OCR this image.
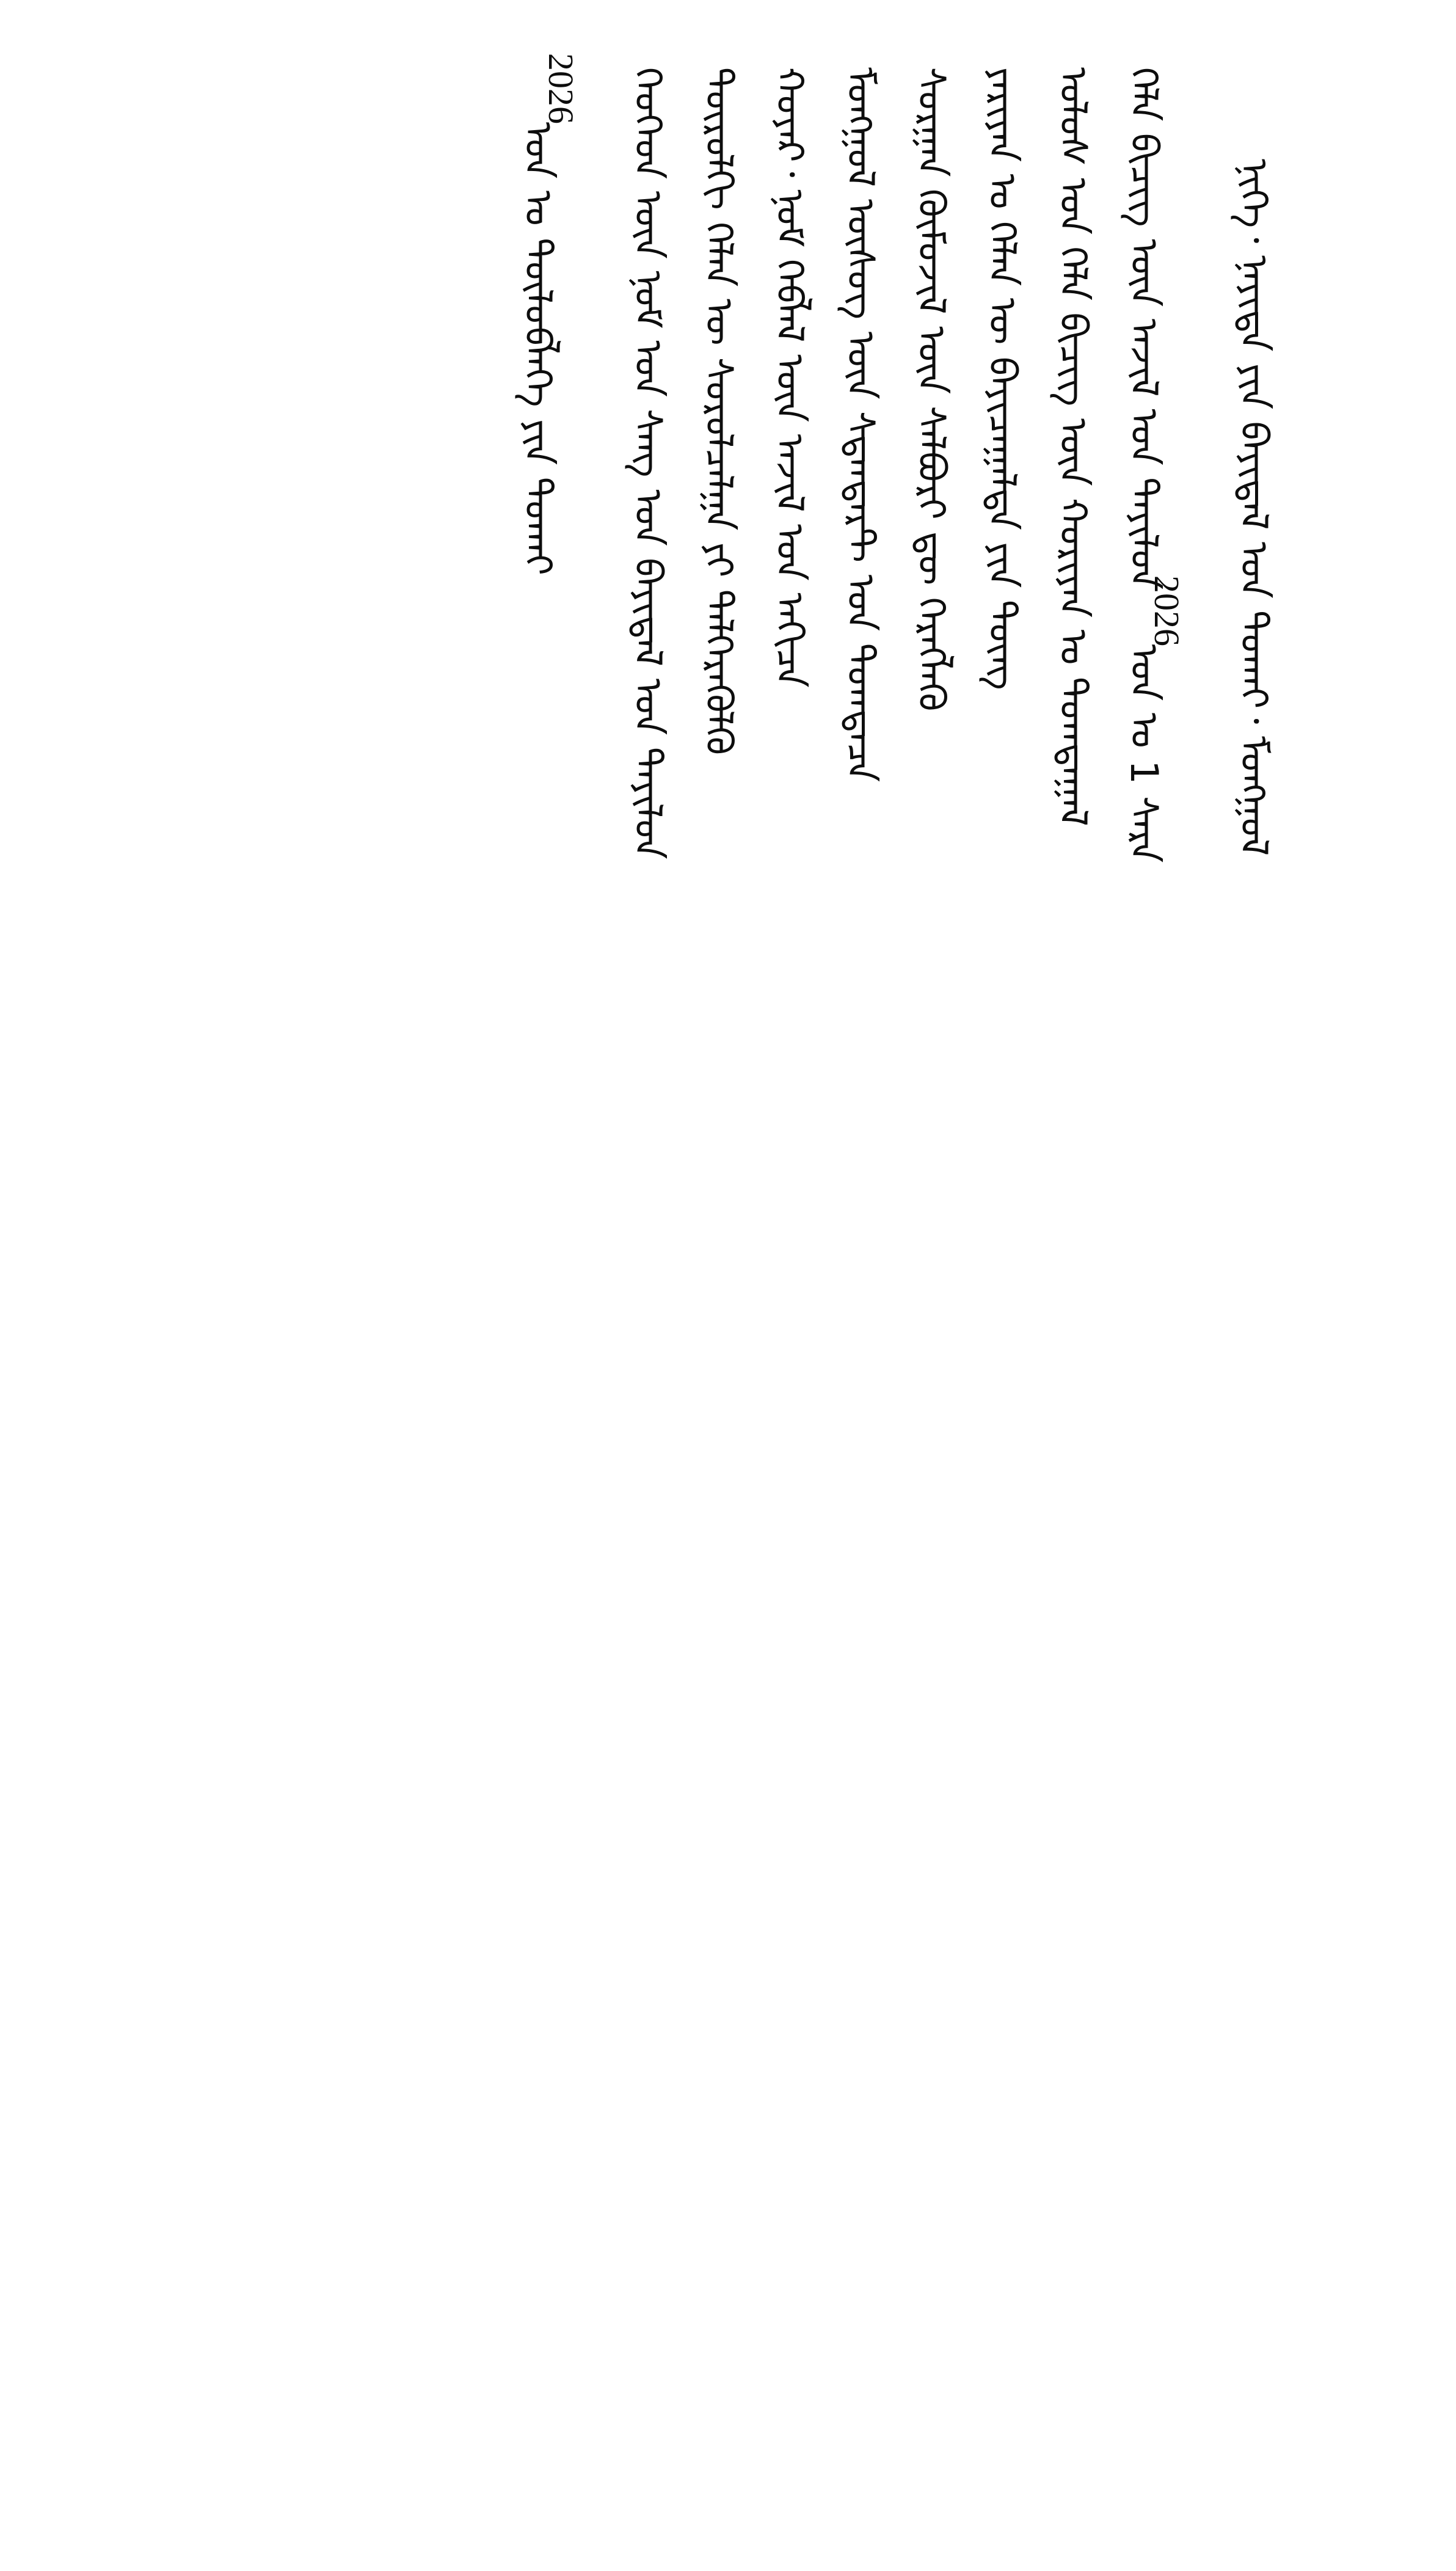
ᠨᠢᠭᠡ᠂ ᠨᠡᠶᠢᠲᠡ ᠶᠢᠨ ᠪᠠᠶᠢᠳᠠᠯ ᠤᠨ ᠲᠤᠬᠠᠢ᠂ ᠮᠣᠩᠭᠣᠯ
ᠬᠡᠯᠡ ᠪᠢᠴᠢᠭ᠌ ᠦᠨ ᠠᠵᠢᠯ ᠤᠨ ᠲᠠᠶᠢᠯᠤᠨ2026 ᠣᠨ ᠤ 1 ᠰᠠᠷᠠ
ᠤᠯᠤᠰ ᠤᠨ ᠬᠡᠯᠡ ᠪᠢᠴᠢᠭ᠌ ᠦᠨ ᠬᠣᠷᠢᠶᠠᠨ ᠤ ᠲᠣᠭᠲᠠᠭᠠᠯ
ᠶᠠᠷᠢᠶᠠᠨ ᠤ ᠬᠡᠯᠡᠨ ᠦ ᠪᠠᠶᠢᠴᠠᠭᠠᠯᠲᠠ ᠶᠢᠨ ᠳᠦᠩ
ᠰᠤᠷᠭᠠᠨ ᠬᠦᠮᠦᠵᠢᠯ ᠦᠨ ᠰᠠᠯᠪᠤᠷᠢ ᠳᠦ ᠬᠡᠷᠡᠭᠯᠡᠬᠦ
ᠮᠣᠩᠭᠣᠯ ᠦᠰᠦᠭ ᠦᠨ ᠰᠲᠠᠨᠳᠠᠷᠲ ᠤᠨ ᠲᠣᠭᠲᠠᠴᠠ
ᠬᠣᠶᠠᠷ᠂ ᠨᠣᠮ ᠬᠡᠪᠯᠡᠯ ᠦᠨ ᠠᠵᠢᠯ ᠤᠨ ᠠᠬᠢᠴᠠ
ᠲᠦᠷᠦᠯᠬᠢ ᠬᠡᠯᠡᠨ ᠦ ᠰᠤᠷᠤᠯᠴᠠᠯᠭᠠ ᠶᠢ ᠳᠡᠯᠭᠡᠷᠡᠭᠦᠯᠬᠦ
ᠬᠡᠦᠬᠡᠳ ᠦᠨ ᠨᠣᠮ ᠤᠨ ᠰᠠᠩ ᠤᠨ ᠪᠠᠶᠢᠳᠠᠯ ᠤᠨ ᠲᠠᠶᠢᠯᠤᠨ
2026 ᠣᠨ ᠤ ᠲᠥᠯᠥᠪᠯᠡᠭᠡ ᠶᠢᠨ ᠲᠤᠬᠠᠢ
